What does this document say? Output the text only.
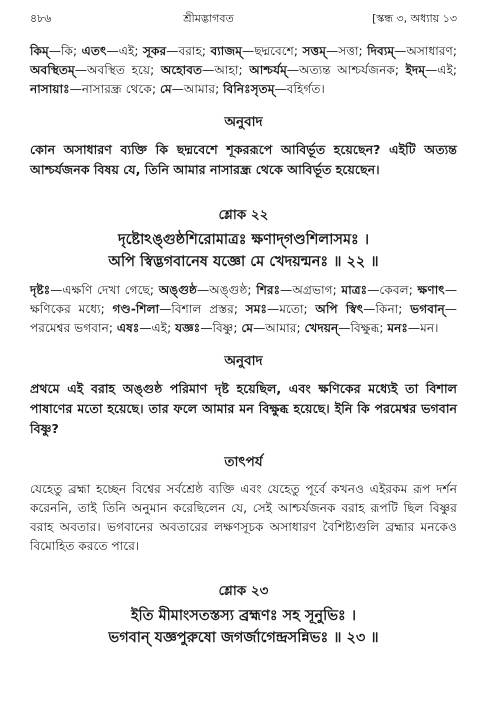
৪৮৬	শ্রীমদ্ভাগবত	[স্কন্ধ ৩, অধ্যায় ১৩

কিম্—কি; এতৎ—এই; সূকর—বরাহ; ব্যাজম্—ছদ্মবেশে; সত্তম্—সত্তা; দিব্যম্—অসাধারণ; অবস্থিতম্—অবস্থিত হয়ে; অহোবত—আহা; আশ্চর্যম্—অত্যন্ত আশ্চর্যজনক; ইদম্—এই; নাসায়াঃ—নাসারন্ধ্র থেকে; মে—আমার; বিনিঃসৃতম্—বহির্গত।

অনুবাদ

কোন অসাধারণ ব্যক্তি কি ছদ্মবেশে শূকররূপে আবির্ভূত হয়েছেন? এইটি অত্যন্ত আশ্চর্যজনক বিষয় যে, তিনি আমার নাসারন্ধ্র থেকে আবির্ভূত হয়েছেন।

শ্লোক ২২
দৃষ্টোঽঙ্গুষ্ঠশিরোমাত্রঃ ক্ষণাদ্‌গণ্ডশিলাসমঃ ।
অপি স্বিদ্ভগবানেষ যজ্ঞো মে খেদয়ন্মনঃ ॥ ২২ ॥

দৃষ্টঃ—এক্ষণি দেখা গেছে; অঙ্গুষ্ঠ—অঙ্গুষ্ঠ; শিরঃ—অগ্রভাগ; মাত্রঃ—কেবল; ক্ষণাৎ—ক্ষণিকের মধ্যে; গণ্ড-শিলা—বিশাল প্রস্তর; সমঃ—মতো; অপি স্বিৎ—কিনা; ভগবান্—পরমেশ্বর ভগবান; এষঃ—এই; যজ্ঞঃ—বিষ্ণু; মে—আমার; খেদয়ন্—বিক্ষুব্ধ; মনঃ—মন।

অনুবাদ

প্রথমে এই বরাহ অঙ্গুষ্ঠ পরিমাণ দৃষ্ট হয়েছিল, এবং ক্ষণিকের মধ্যেই তা বিশাল পাষাণের মতো হয়েছে। তার ফলে আমার মন বিক্ষুব্ধ হয়েছে। ইনি কি পরমেশ্বর ভগবান বিষ্ণু?

তাৎপর্য

যেহেতু ব্রহ্মা হচ্ছেন বিশ্বের সর্বশ্রেষ্ঠ ব্যক্তি এবং যেহেতু পূর্বে কখনও এইরকম রূপ দর্শন করেননি, তাই তিনি অনুমান করেছিলেন যে, সেই আশ্চর্যজনক বরাহ রূপটি ছিল বিষ্ণুর বরাহ অবতার। ভগবানের অবতারের লক্ষণসূচক অসাধারণ বৈশিষ্ট্যগুলি ব্রহ্মার মনকেও বিমোহিত করতে পারে।

শ্লোক ২৩
ইতি মীমাংসতস্তস্য ব্রহ্মণঃ সহ সূনুভিঃ ।
ভগবান্ যজ্ঞপুরুষো জগর্জাগেন্দ্রসন্নিভঃ ॥ ২৩ ॥
